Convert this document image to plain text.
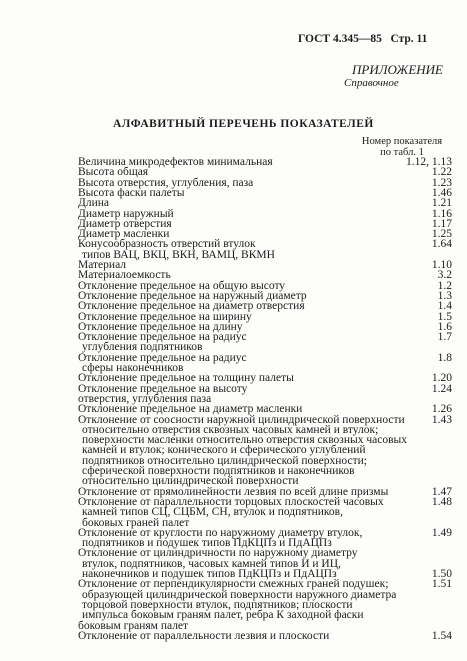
ГОСТ 4.345—85 Стр. 11
ПРИЛОЖЕНИЕ
Справочное
АЛФАВИТНЫЙ ПЕРЕЧЕНЬ ПОКАЗАТЕЛЕЙ
Номер показателя
по табл. 1
Величина микродефектов минимальная	1.12, 1.13
Высота общая	1.22
Высота отверстия, углубления, паза	1.23
Высота фаски палеты	1.46
Длина	1.21
Диаметр наружный	1.16
Диаметр отверстия	1.17
Диаметр масленки	1.25
Конусообразность отверстий втулок	1.64
типов ВАЦ, ВКЦ, ВКН, ВАМЦ, ВКМН
Материал	1.10
Материалоемкость	3.2
Отклонение предельное на общую высоту	1.2
Отклонение предельное на наружный диаметр	1.3
Отклонение предельное на диаметр отверстия	1.4
Отклонение предельное на ширину	1.5
Отклонение предельное на длину	1.6
Отклонение предельное на радиус	1.7
углубления подпятников
Отклонение предельное на радиус	1.8
сферы наконечников
Отклонение предельное на толщину палеты	1.20
Отклонение предельное на высоту	1.24
отверстия, углубления паза
Отклонение предельное на диаметр масленки	1.26
Отклонение от соосности наружной цилиндрической поверхности	1.43
относительно отверстия сквозных часовых камней и втулок;
поверхности масленки относительно отверстия сквозных часовых
камней и втулок; конического и сферического углублений
подпятников относительно цилиндрической поверхности;
сферической поверхности подпятников и наконечников
относительно цилиндрической поверхности
Отклонение от прямолинейности лезвия по всей длине призмы	1.47
Отклонение от параллельности торцовых плоскостей часовых	1.48
камней типов СЦ, СЦБМ, СН, втулок и подпятников,
боковых граней палет
Отклонение от круглости по наружному диаметру втулок,	1.49
подпятников и подушек типов ПдКЦПз и ПдАЦПз
Отклонение от цилиндричности по наружному диаметру
втулок, подпятников, часовых камней типов И и ИЦ,
наконечников и подушек типов ПдКЦПз и ПдАЦПз	1.50
Отклонение от перпендикулярности смежных граней подушек;	1.51
образующей цилиндрической поверхности наружного диаметра
торцовой поверхности втулок, подпятников; плоскости
импульса боковым граням палет, ребра К заходной фаски
боковым граням палет
Отклонение от параллельности лезвия и плоскости	1.54
